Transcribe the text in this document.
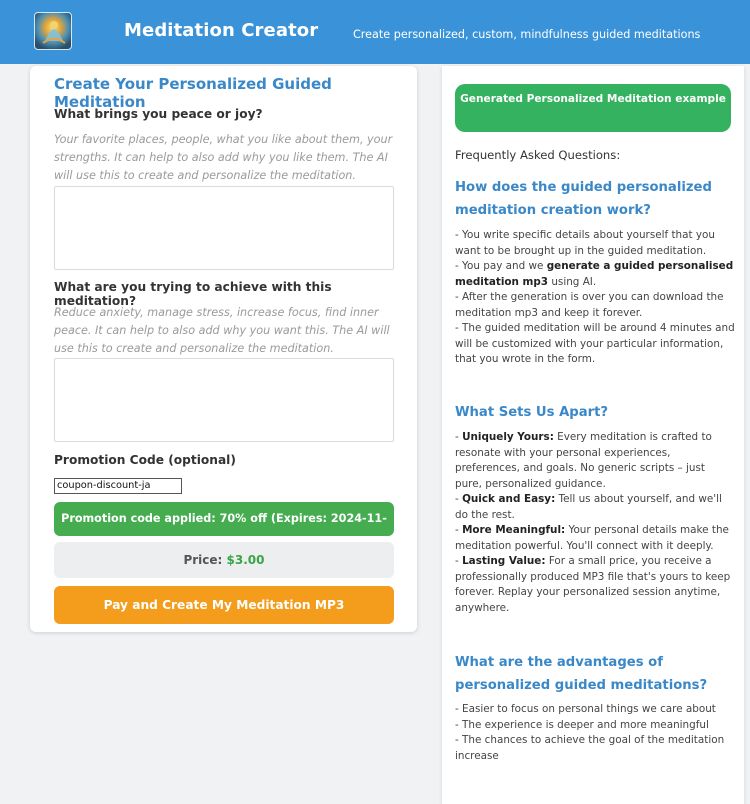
Meditation Creator	Create personalized, custom, mindfulness guided meditations
Create Your Personalized Guided Meditation
What brings you peace or joy?
Your favorite places, people, what you like about them, your strengths. It can help to also add why you like them. The AI will use this to create and personalize the meditation.
What are you trying to achieve with this meditation?
Reduce anxiety, manage stress, increase focus, find inner peace. It can help to also add why you want this. The AI will use this to create and personalize the meditation.
Promotion Code (optional)
coupon-discount-ja
Promotion code applied: 70% off (Expires: 2024-11-
Price: $3.00
Pay and Create My Meditation MP3
Generated Personalized Meditation example
Frequently Asked Questions:
How does the guided personalized meditation creation work?

- You write specific details about yourself that you want to be brought up in the guided meditation.

- You pay and we generate a guided personalised meditation mp3 using AI.

- After the generation is over you can download the meditation mp3 and keep it forever.

- The guided meditation will be around 4 minutes and will be customized with your particular information, that you wrote in the form.

What Sets Us Apart?

- Uniquely Yours: Every meditation is crafted to resonate with your personal experiences, preferences, and goals. No generic scripts – just pure, personalized guidance.

- Quick and Easy: Tell us about yourself, and we'll do the rest.

- More Meaningful: Your personal details make the meditation powerful. You'll connect with it deeply.

- Lasting Value: For a small price, you receive a professionally produced MP3 file that's yours to keep forever. Replay your personalized session anytime, anywhere.

What are the advantages of personalized guided meditations?

- Easier to focus on personal things we care about

- The experience is deeper and more meaningful

- The chances to achieve the goal of the meditation increase
